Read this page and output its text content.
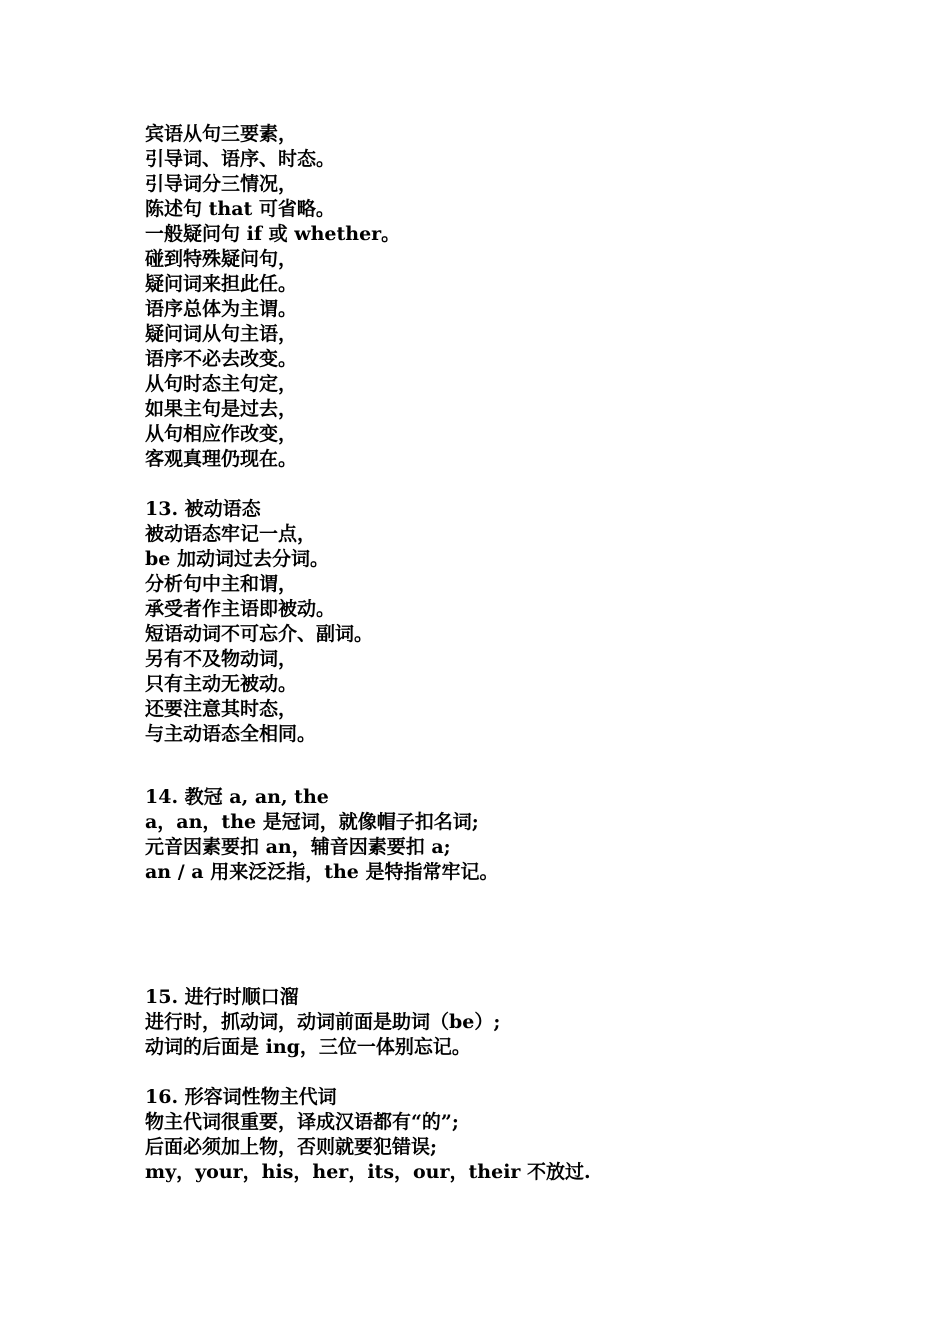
宾语从句三要素，
引导词、语序、时态。
引导词分三情况，
陈述句 that 可省略。
一般疑问句 if 或 whether。
碰到特殊疑问句，
疑问词来担此任。
语序总体为主谓。
疑问词从句主语，
语序不必去改变。
从句时态主句定，
如果主句是过去，
从句相应作改变，
客观真理仍现在。
13. 被动语态
被动语态牢记一点，
be 加动词过去分词。
分析句中主和谓，
承受者作主语即被动。
短语动词不可忘介、副词。
另有不及物动词，
只有主动无被动。
还要注意其时态，
与主动语态全相同。
14. 教冠 a, an, the
a，an，the 是冠词，就像帽子扣名词;
元音因素要扣 an，辅音因素要扣 a;
an / a 用来泛泛指，the 是特指常牢记。
15. 进行时顺口溜
进行时，抓动词，动词前面是助词（be）;
动词的后面是 ing，三位一体别忘记。
16. 形容词性物主代词
物主代词很重要，译成汉语都有“的”;
后面必须加上物，否则就要犯错误;
my，your，his，her，its，our，their 不放过.
